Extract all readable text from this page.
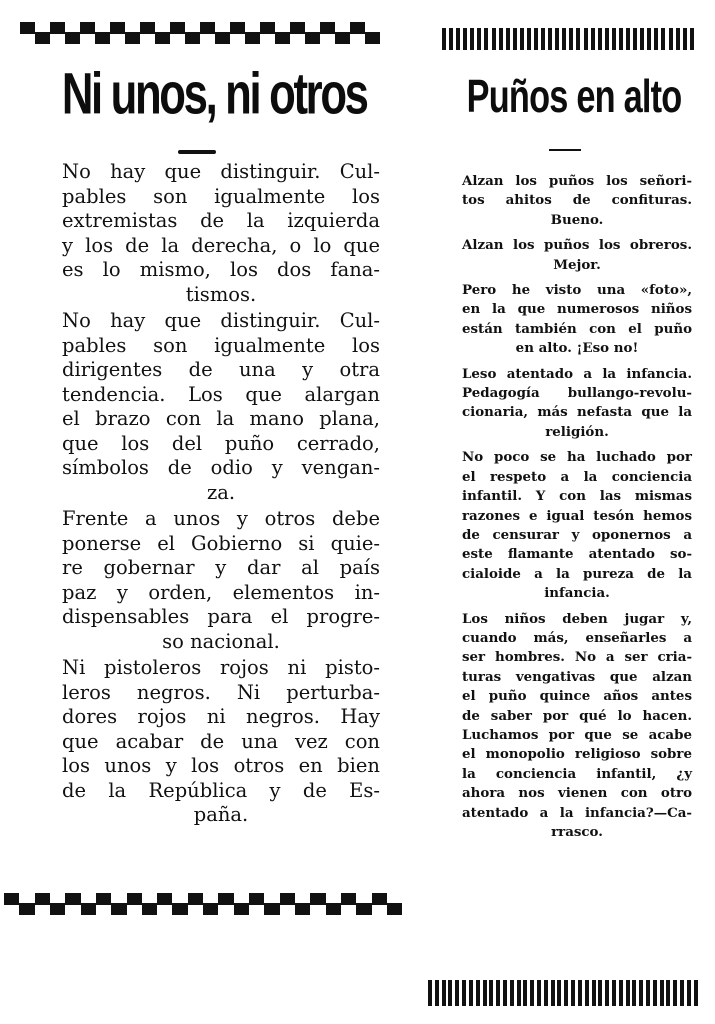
Ni unos, ni otros

No hay que distinguir. Cul-
pables son igualmente los
extremistas de la izquierda
y los de la derecha, o lo que
es lo mismo, los dos fana-
tismos.

No hay que distinguir. Cul-
pables son igualmente los
dirigentes de una y otra
tendencia. Los que alargan
el brazo con la mano plana,
que los del puño cerrado,
símbolos de odio y vengan-
za.

Frente a unos y otros debe
ponerse el Gobierno si quie-
re gobernar y dar al país
paz y orden, elementos in-
dispensables para el progre-
so nacional.

Ni pistoleros rojos ni pisto-
leros negros. Ni perturba-
dores rojos ni negros. Hay
que acabar de una vez con
los unos y los otros en bien
de la República y de Es-
paña.

Puños en alto

Alzan los puños los señori-
tos ahitos de confituras.
Bueno.

Alzan los puños los obreros.
Mejor.

Pero he visto una «foto»,
en la que numerosos niños
están también con el puño
en alto. ¡Eso no!

Leso atentado a la infancia.
Pedagogía bullango-revolu-
cionaria, más nefasta que la
religión.

No poco se ha luchado por
el respeto a la conciencia
infantil. Y con las mismas
razones e igual tesón hemos
de censurar y oponernos a
este flamante atentado so-
cialoide a la pureza de la
infancia.

Los niños deben jugar y,
cuando más, enseñarles a
ser hombres. No a ser cria-
turas vengativas que alzan
el puño quince años antes
de saber por qué lo hacen.
Luchamos por que se acabe
el monopolio religioso sobre
la conciencia infantil, ¿y
ahora nos vienen con otro
atentado a la infancia?—Ca-
rrasco.
